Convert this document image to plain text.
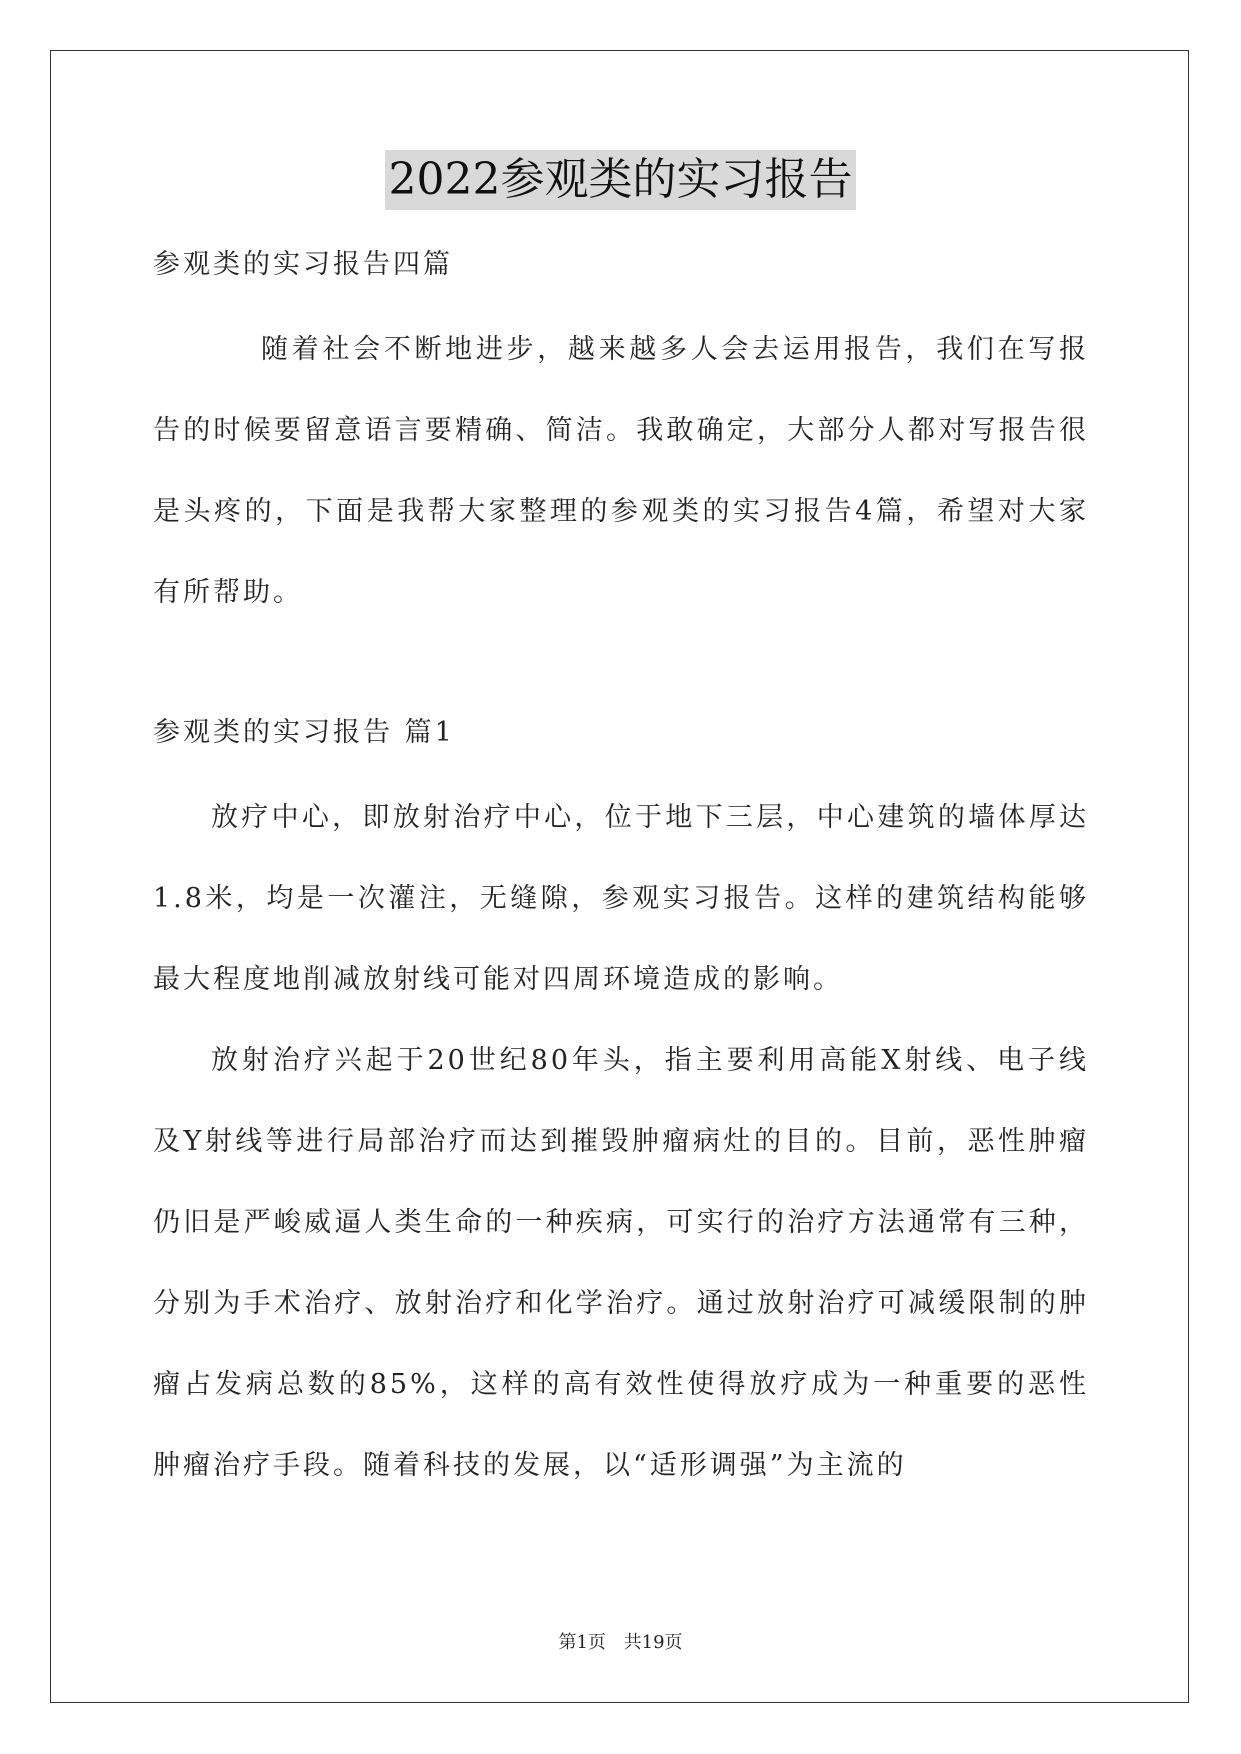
2022参观类的实习报告

参观类的实习报告四篇

随着社会不断地进步，越来越多人会去运用报告，我们在写报告的时候要留意语言要精确、简洁。我敢确定，大部分人都对写报告很是头疼的，下面是我帮大家整理的参观类的实习报告4篇，希望对大家有所帮助。

参观类的实习报告 篇1

放疗中心，即放射治疗中心，位于地下三层，中心建筑的墙体厚达1.8米，均是一次灌注，无缝隙，参观实习报告。这样的建筑结构能够最大程度地削减放射线可能对四周环境造成的影响。

放射治疗兴起于20世纪80年头，指主要利用高能X射线、电子线及Y射线等进行局部治疗而达到摧毁肿瘤病灶的目的。目前，恶性肿瘤仍旧是严峻威逼人类生命的一种疾病，可实行的治疗方法通常有三种，分别为手术治疗、放射治疗和化学治疗。通过放射治疗可减缓限制的肿瘤占发病总数的85%，这样的高有效性使得放疗成为一种重要的恶性肿瘤治疗手段。随着科技的发展，以“适形调强”为主流的

第1页 共19页
